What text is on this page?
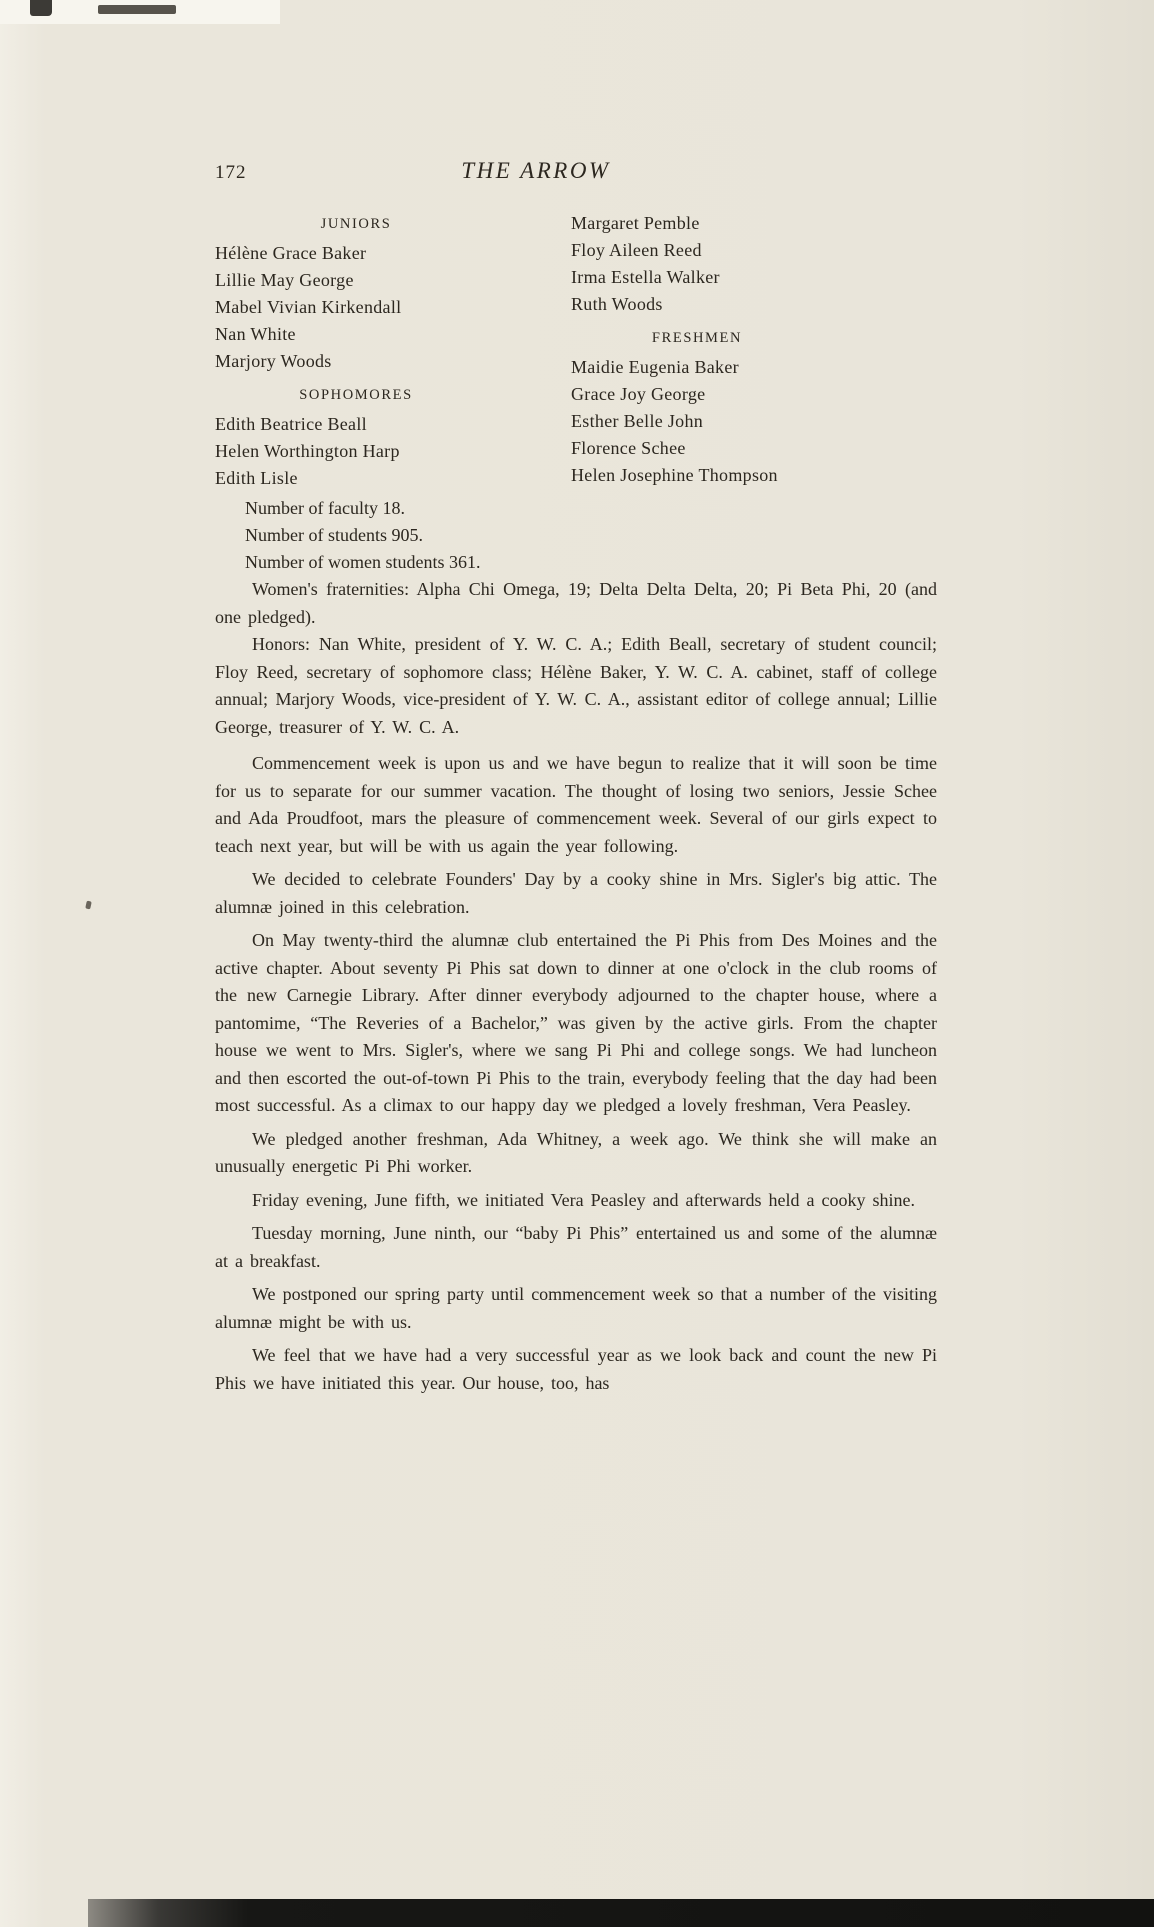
172	THE ARROW
JUNIORS
Hélène Grace Baker
Lillie May George
Mabel Vivian Kirkendall
Nan White
Marjory Woods
SOPHOMORES
Edith Beatrice Beall
Helen Worthington Harp
Edith Lisle
Margaret Pemble
Floy Aileen Reed
Irma Estella Walker
Ruth Woods
FRESHMEN
Maidie Eugenia Baker
Grace Joy George
Esther Belle John
Florence Schee
Helen Josephine Thompson
Number of faculty 18.
Number of students 905.
Number of women students 361.

Women's fraternities: Alpha Chi Omega, 19; Delta Delta Delta, 20; Pi Beta Phi, 20 (and one pledged).

Honors: Nan White, president of Y. W. C. A.; Edith Beall, secretary of student council; Floy Reed, secretary of sophomore class; Hélène Baker, Y. W. C. A. cabinet, staff of college annual; Marjory Woods, vice-president of Y. W. C. A., assistant editor of college annual; Lillie George, treasurer of Y. W. C. A.

Commencement week is upon us and we have begun to realize that it will soon be time for us to separate for our summer vacation. The thought of losing two seniors, Jessie Schee and Ada Proudfoot, mars the pleasure of commencement week. Several of our girls expect to teach next year, but will be with us again the year following.

We decided to celebrate Founders' Day by a cooky shine in Mrs. Sigler's big attic. The alumnæ joined in this celebration.

On May twenty-third the alumnæ club entertained the Pi Phis from Des Moines and the active chapter. About seventy Pi Phis sat down to dinner at one o'clock in the club rooms of the new Carnegie Library. After dinner everybody adjourned to the chapter house, where a pantomime, “The Reveries of a Bachelor,” was given by the active girls. From the chapter house we went to Mrs. Sigler's, where we sang Pi Phi and college songs. We had luncheon and then escorted the out-of-town Pi Phis to the train, everybody feeling that the day had been most successful. As a climax to our happy day we pledged a lovely freshman, Vera Peasley.

We pledged another freshman, Ada Whitney, a week ago. We think she will make an unusually energetic Pi Phi worker.

Friday evening, June fifth, we initiated Vera Peasley and afterwards held a cooky shine.

Tuesday morning, June ninth, our “baby Pi Phis” entertained us and some of the alumnæ at a breakfast.

We postponed our spring party until commencement week so that a number of the visiting alumnæ might be with us.

We feel that we have had a very successful year as we look back and count the new Pi Phis we have initiated this year. Our house, too, has
